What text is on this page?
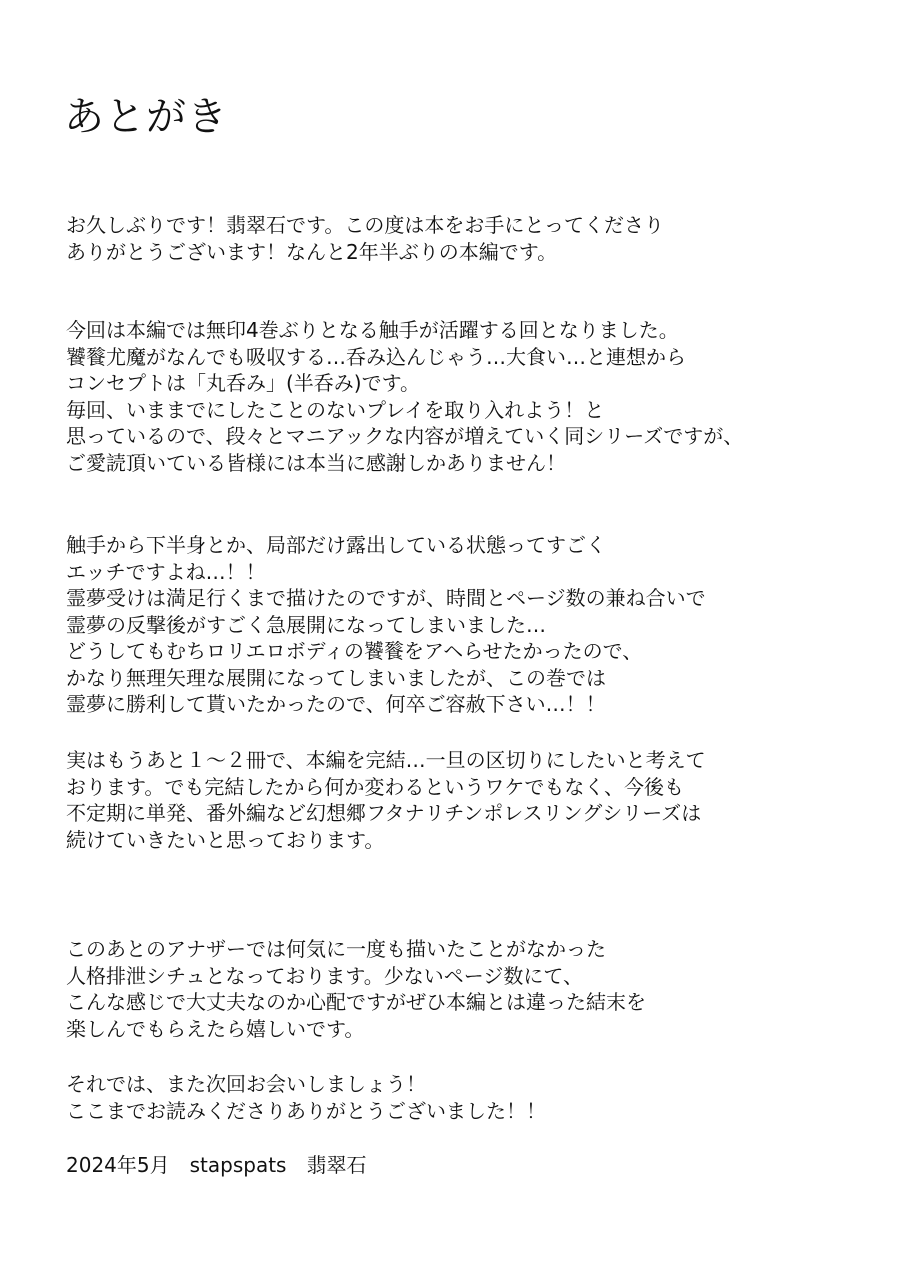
あとがき

お久しぶりです！翡翠石です。この度は本をお手にとってくださり
ありがとうございます！なんと2年半ぶりの本編です。

今回は本編では無印4巻ぶりとなる触手が活躍する回となりました。
饕餮尤魔がなんでも吸収する…呑み込んじゃう…大食い…と連想から
コンセプトは「丸呑み」(半呑み)です。
毎回、いままでにしたことのないプレイを取り入れよう！と
思っているので、段々とマニアックな内容が増えていく同シリーズですが、
ご愛読頂いている皆様には本当に感謝しかありません！

触手から下半身とか、局部だけ露出している状態ってすごく
エッチですよね…！！
霊夢受けは満足行くまで描けたのですが、時間とページ数の兼ね合いで
霊夢の反撃後がすごく急展開になってしまいました…
どうしてもむちロリエロボディの饕餮をアヘらせたかったので、
かなり無理矢理な展開になってしまいましたが、この巻では
霊夢に勝利して貰いたかったので、何卒ご容赦下さい…！！

実はもうあと１～２冊で、本編を完結…一旦の区切りにしたいと考えて
おります。でも完結したから何か変わるというワケでもなく、今後も
不定期に単発、番外編など幻想郷フタナリチンポレスリングシリーズは
続けていきたいと思っております。

このあとのアナザーでは何気に一度も描いたことがなかった
人格排泄シチュとなっております。少ないページ数にて、
こんな感じで大丈夫なのか心配ですがぜひ本編とは違った結末を
楽しんでもらえたら嬉しいです。

それでは、また次回お会いしましょう！
ここまでお読みくださりありがとうございました！！

2024年5月　stapspats　翡翠石
